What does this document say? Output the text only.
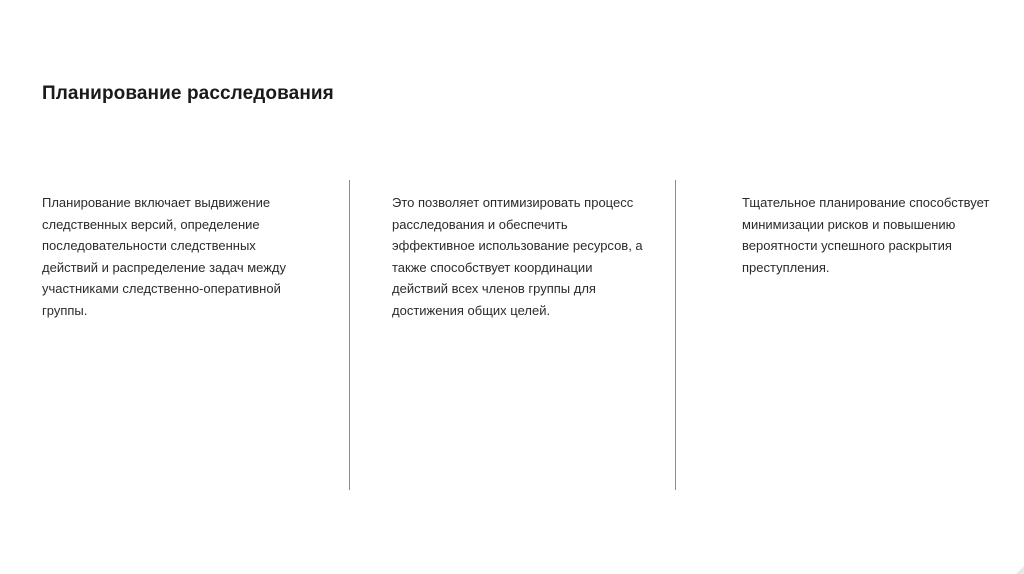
Планирование расследования
Планирование включает выдвижение
следственных версий, определение
последовательности следственных
действий и распределение задач между
участниками следственно-оперативной
группы.
Это позволяет оптимизировать процесс
расследования и обеспечить
эффективное использование ресурсов, а
также способствует координации
действий всех членов группы для
достижения общих целей.
Тщательное планирование способствует
минимизации рисков и повышению
вероятности успешного раскрытия
преступления.
